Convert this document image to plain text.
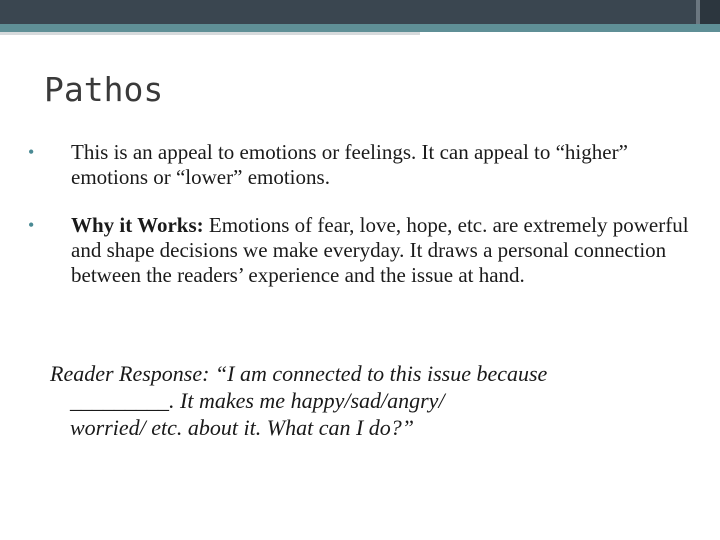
Pathos
• This is an appeal to emotions or feelings. It can appeal to “higher” emotions or “lower” emotions.
• Why it Works: Emotions of fear, love, hope, etc. are extremely powerful and shape decisions we make everyday. It draws a personal connection between the readers’ experience and the issue at hand.
Reader Response: “I am connected to this issue because
_________. It makes me happy/sad/angry/
worried/ etc. about it. What can I do?”
